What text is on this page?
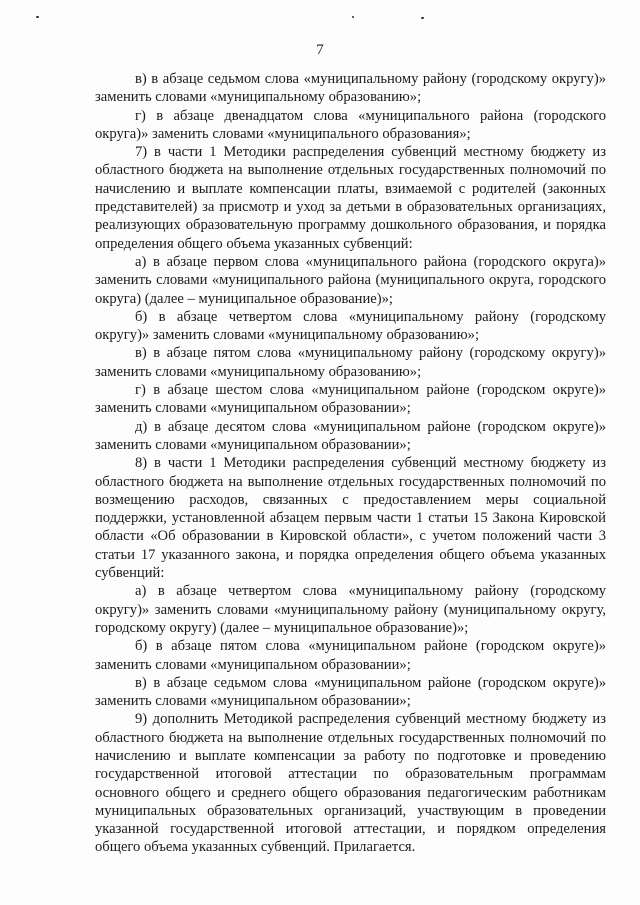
7

в) в абзаце седьмом слова «муниципальному району (городскому округу)» заменить словами «муниципальному образованию»;

г) в абзаце двенадцатом слова «муниципального района (городского округа)» заменить словами «муниципального образования»;

7) в части 1 Методики распределения субвенций местному бюджету из областного бюджета на выполнение отдельных государственных полномочий по начислению и выплате компенсации платы, взимаемой с родителей (законных представителей) за присмотр и уход за детьми в образовательных организациях, реализующих образовательную программу дошкольного образования, и порядка определения общего объема указанных субвенций:

а) в абзаце первом слова «муниципального района (городского округа)» заменить словами «муниципального района (муниципального округа, городского округа) (далее – муниципальное образование)»;

б) в абзаце четвертом слова «муниципальному району (городскому округу)» заменить словами «муниципальному образованию»;

в) в абзаце пятом слова «муниципальному району (городскому округу)» заменить словами «муниципальному образованию»;

г) в абзаце шестом слова «муниципальном районе (городском округе)» заменить словами «муниципальном образовании»;

д) в абзаце десятом слова «муниципальном районе (городском округе)» заменить словами «муниципальном образовании»;

8) в части 1 Методики распределения субвенций местному бюджету из областного бюджета на выполнение отдельных государственных полномочий по возмещению расходов, связанных с предоставлением меры социальной поддержки, установленной абзацем первым части 1 статьи 15 Закона Кировской области «Об образовании в Кировской области», с учетом положений части 3 статьи 17 указанного закона, и порядка определения общего объема указанных субвенций:

а) в абзаце четвертом слова «муниципальному району (городскому округу)» заменить словами «муниципальному району (муниципальному округу, городскому округу) (далее – муниципальное образование)»;

б) в абзаце пятом слова «муниципальном районе (городском округе)» заменить словами «муниципальном образовании»;

в) в абзаце седьмом слова «муниципальном районе (городском округе)» заменить словами «муниципальном образовании»;

9) дополнить Методикой распределения субвенций местному бюджету из областного бюджета на выполнение отдельных государственных полномочий по начислению и выплате компенсации за работу по подготовке и проведению государственной итоговой аттестации по образовательным программам основного общего и среднего общего образования педагогическим работникам муниципальных образовательных организаций, участвующим в проведении указанной государственной итоговой аттестации, и порядком определения общего объема указанных субвенций. Прилагается.
